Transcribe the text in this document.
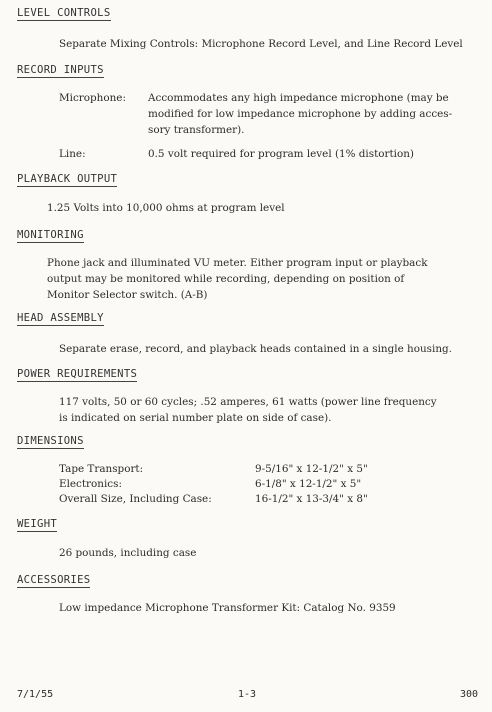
LEVEL CONTROLS
Separate Mixing Controls: Microphone Record Level, and Line Record Level
RECORD INPUTS
Microphone: Accommodates any high impedance microphone (may be
modified for low impedance microphone by adding acces-
sory transformer).
Line:	0.5 volt required for program level (1% distortion)
PLAYBACK OUTPUT
1.25 Volts into 10,000 ohms at program level
MONITORING
Phone jack and illuminated VU meter. Either program input or playback
output may be monitored while recording, depending on position of
Monitor Selector switch. (A-B)
HEAD ASSEMBLY
Separate erase, record, and playback heads contained in a single housing.
POWER REQUIREMENTS
117 volts, 50 or 60 cycles; .52 amperes, 61 watts (power line frequency
is indicated on serial number plate on side of case).
DIMENSIONS
Tape Transport:	9-5/16" x 12-1/2" x 5"
Electronics:	6-1/8" x 12-1/2" x 5"
Overall Size, Including Case:	16-1/2" x 13-3/4" x 8"
WEIGHT
26 pounds, including case
ACCESSORIES
Low impedance Microphone Transformer Kit: Catalog No. 9359
7/1/55	1-3	300
